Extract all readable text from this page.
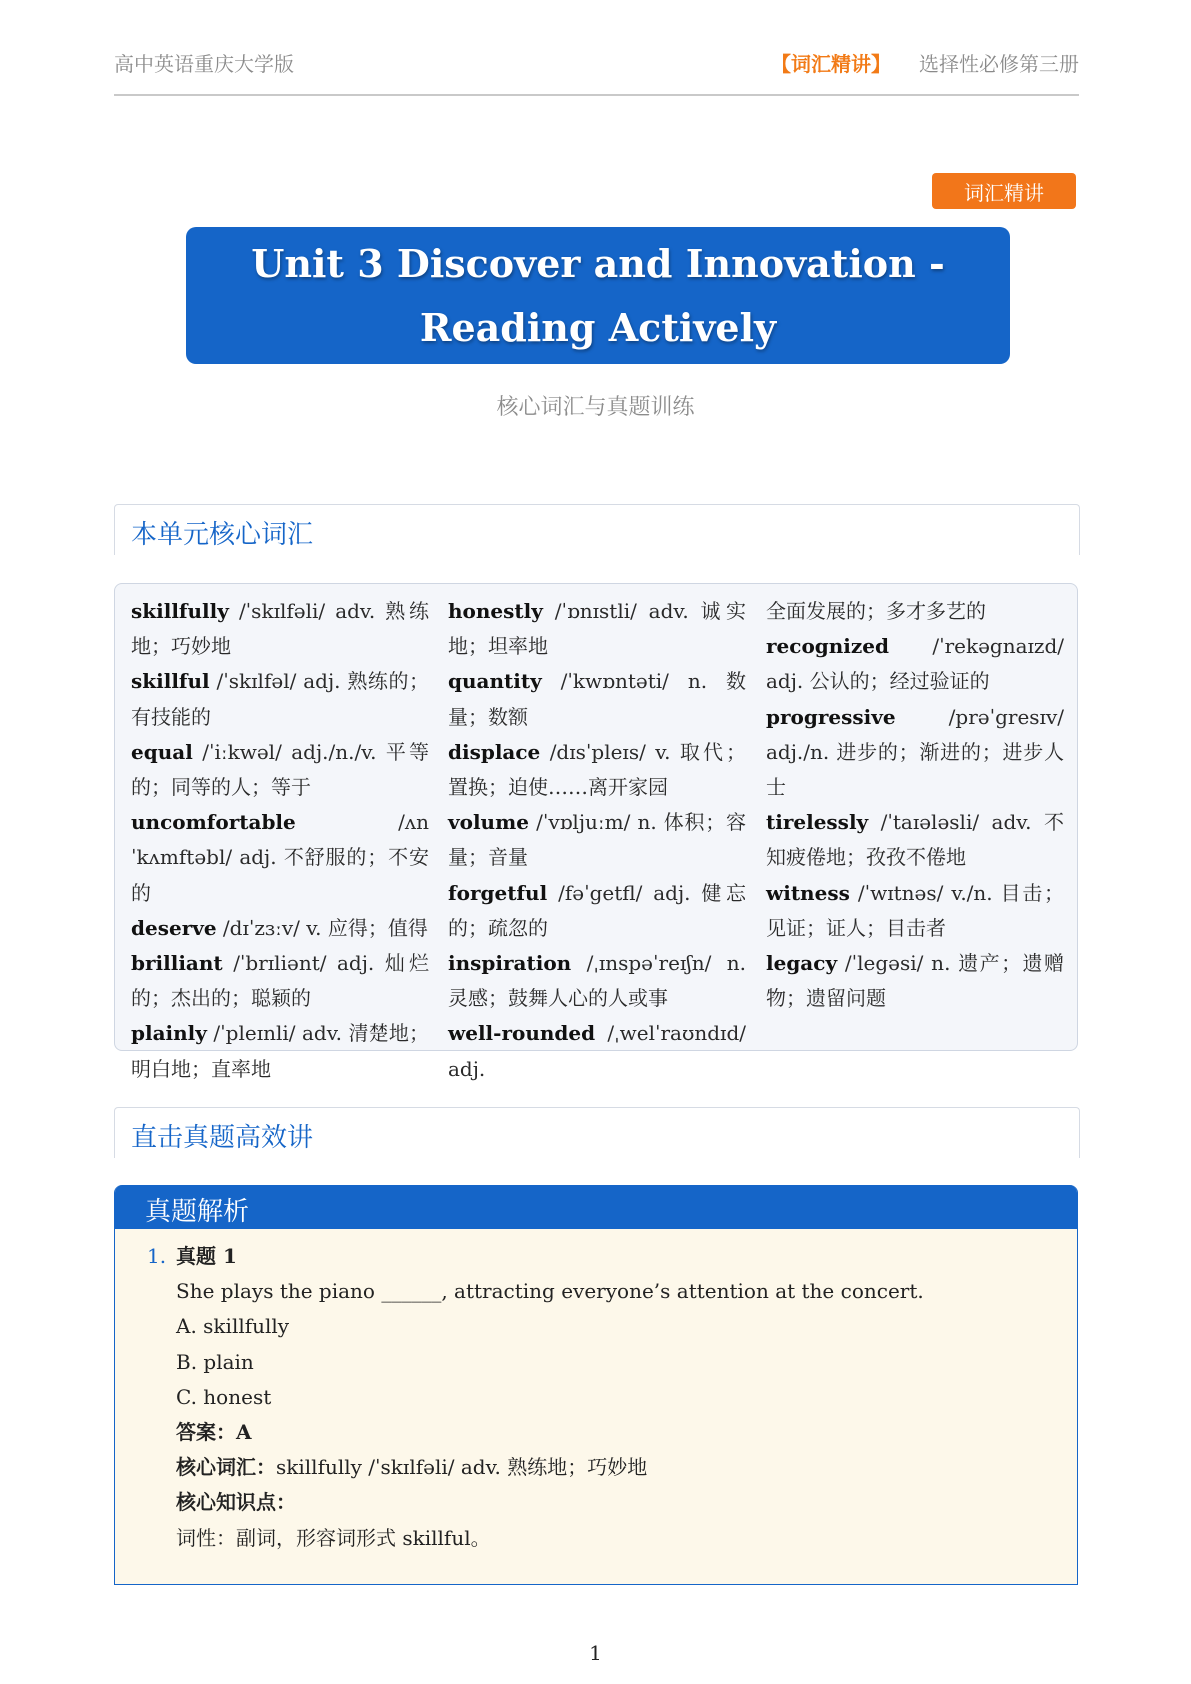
高中英语重庆大学版	【词汇精讲】 选择性必修第三册
词汇精讲
Unit 3 Discover and Innovation - Reading Actively
核心词汇与真题训练
本单元核心词汇
skillfully /ˈskɪlfəli/ adv. 熟练地；巧妙地
skillful /ˈskɪlfəl/ adj. 熟练的；有技能的
equal /ˈiːkwəl/ adj./n./v. 平等的；同等的人；等于
uncomfortable /ʌnˈkʌmftəbl/ adj. 不舒服的；不安的
deserve /dɪˈzɜːv/ v. 应得；值得
brilliant /ˈbrɪliənt/ adj. 灿烂的；杰出的；聪颖的
plainly /ˈpleɪnli/ adv. 清楚地；明白地；直率地

honestly /ˈɒnɪstli/ adv. 诚实地；坦率地
quantity /ˈkwɒntəti/ n. 数量；数额
displace /dɪsˈpleɪs/ v. 取代；置换；迫使……离开家园
volume /ˈvɒljuːm/ n. 体积；容量；音量
forgetful /fəˈgetfl/ adj. 健忘的；疏忽的
inspiration /ˌɪnspəˈreɪʃn/ n. 灵感；鼓舞人心的人或事
well-rounded /ˌwelˈraʊndɪd/ adj.

全面发展的；多才多艺的
recognized /ˈrekəgnaɪzd/ adj. 公认的；经过验证的
progressive /prəˈgresɪv/ adj./n. 进步的；渐进的；进步人士
tirelessly /ˈtaɪələsli/ adv. 不知疲倦地；孜孜不倦地
witness /ˈwɪtnəs/ v./n. 目击；见证；证人；目击者
legacy /ˈlegəsi/ n. 遗产；遗赠物；遗留问题

直击真题高效讲
真题解析
1. 真题 1
She plays the piano ______, attracting everyone’s attention at the concert.
A. skillfully
B. plain
C. honest
答案：A
核心词汇：skillfully /ˈskɪlfəli/ adv. 熟练地；巧妙地
核心知识点：
词性：副词，形容词形式 skillful。
1
